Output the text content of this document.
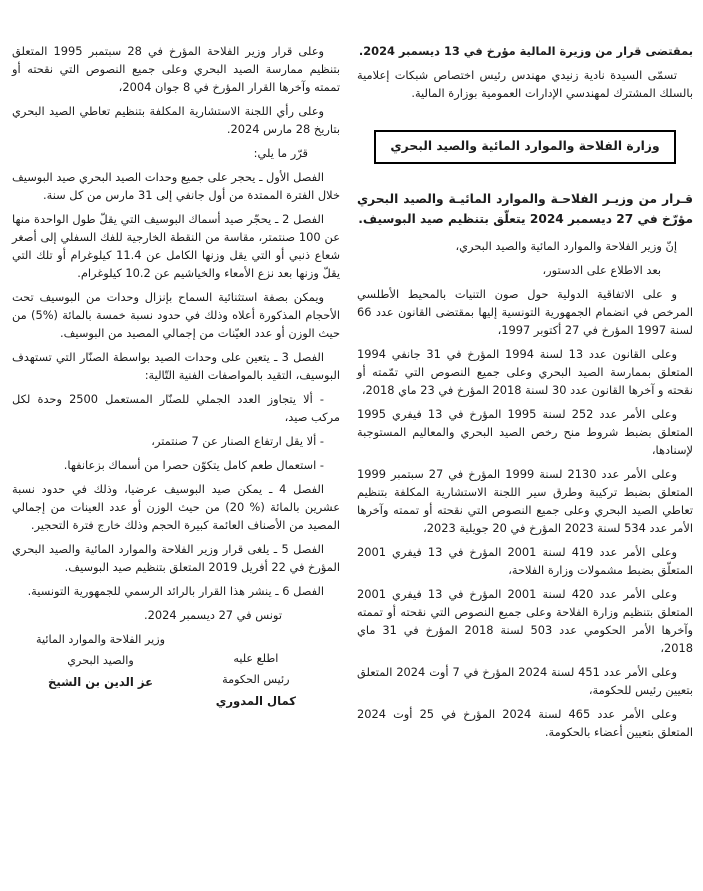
بمقتضى قرار من وزيرة المالية مؤرخ في 13 ديسمبر 2024.

تسمّى السيدة نادية زنيدي مهندس رئيس اختصاص شبكات إعلامية بالسلك المشترك لمهندسي الإدارات العمومية بوزارة المالية.

وزارة الفلاحة والموارد المائية والصيد البحري

قـرار من وزيـر الفلاحـة والموارد المائيـة والصيد البحري مؤرّخ في 27 ديسمبر 2024 يتعلّق بتنظيم صيد البوسيف.

إنّ وزير الفلاحة والموارد المائية والصيد البحري،

بعد الاطلاع على الدستور،

و على الاتفاقية الدولية حول صون التنيات بالمحيط الأطلسي المرخص في انضمام الجمهورية التونسية إليها بمقتضى القانون عدد 66 لسنة 1997 المؤرخ في 27 أكتوبر 1997،

وعلى القانون عدد 13 لسنة 1994 المؤرخ في 31 جانفي 1994 المتعلق بممارسة الصيد البحري وعلى جميع النصوص التي تمّمته أو نقحته و آخرها القانون عدد 30 لسنة 2018 المؤرخ في 23 ماي 2018،

وعلى الأمر عدد 252 لسنة 1995 المؤرخ في 13 فيفري 1995 المتعلق بضبط شروط منح رخص الصيد البحري والمعاليم المستوجبة لإسنادها،

وعلى الأمر عدد 2130 لسنة 1999 المؤرخ في 27 سبتمبر 1999 المتعلق بضبط تركيبة وطرق سير اللجنة الاستشارية المكلفة بتنظيم تعاطي الصيد البحري وعلى جميع النصوص التي نقحته أو تممته وآخرها الأمر عدد 534 لسنة 2023 المؤرخ في 20 جويلية 2023،

وعلى الأمر عدد 419 لسنة 2001 المؤرخ في 13 فيفري 2001 المتعلّق بضبط مشمولات وزارة الفلاحة،

وعلى الأمر عدد 420 لسنة 2001 المؤرخ في 13 فيفري 2001 المتعلق بتنظيم وزارة الفلاحة وعلى جميع النصوص التي نقحته أو تممته وآخرها الأمر الحكومي عدد 503 لسنة 2018 المؤرخ في 31 ماي 2018،

وعلى الأمر عدد 451 لسنة 2024 المؤرخ في 7 أوت 2024 المتعلق بتعيين رئيس للحكومة،

وعلى الأمر عدد 465 لسنة 2024 المؤرخ في 25 أوت 2024 المتعلق بتعيين أعضاء بالحكومة.

وعلى قرار وزير الفلاحة المؤرخ في 28 سبتمبر 1995 المتعلق بتنظيم ممارسة الصيد البحري وعلى جميع النصوص التي نقحته أو تممته وآخرها القرار المؤرخ في 8 جوان 2004،

وعلى رأي اللجنة الاستشارية المكلفة بتنظيم تعاطي الصيد البحري بتاريخ 28 مارس 2024.

قرّر ما يلي:

الفصل الأول ـ يحجر على جميع وحدات الصيد البحري صيد البوسيف خلال الفترة الممتدة من أول جانفي إلى 31 مارس من كل سنة.

الفصل 2 ـ يحجّر صيد أسماك البوسيف التي يقلّ طول الواحدة منها عن 100 صنتمتر، مقاسة من النقطة الخارجية للفك السفلي إلى أصغر شعاع ذنبي أو التي يقل وزنها الكامل عن 11.4 كيلوغرام أو تلك التي يقلّ وزنها بعد نزع الأمعاء والخياشيم عن 10.2 كيلوغرام.

ويمكن بصفة استثنائية السماح بإنزال وحدات من البوسيف تحت الأحجام المذكورة أعلاه وذلك في حدود نسبة خمسة بالمائة ‎(5%)‎ من حيث الوزن أو عدد العيّنات من إجمالي المصيد من البوسيف.

الفصل 3 ـ يتعين على وحدات الصيد بواسطة الصنّار التي تستهدف البوسيف، التقيد بالمواصفات الفنية التّالية:

- ألا يتجاوز العدد الجملي للصنّار المستعمل 2500 وحدة لكل مركب صيد،

- ألا يقل ارتفاع الصنار عن 7 صنتمتر،

- استعمال طعم كامل يتكوّن حصرا من أسماك بزعانفها.

الفصل 4 ـ يمكن صيد البوسيف عرضيا، وذلك في حدود نسبة عشرين بالمائة ‎(20 %)‎ من حيث الوزن أو عدد العينات من إجمالي المصيد من الأصناف العائمة كبيرة الحجم وذلك خارج فترة التحجير.

الفصل 5 ـ يلغى قرار وزير الفلاحة والموارد المائية والصيد البحري المؤرخ في 22 أفريل 2019 المتعلق بتنظيم صيد البوسيف.

الفصل 6 ـ ينشر هذا القرار بالرائد الرسمي للجمهورية التونسية.

تونس في 27 ديسمبر 2024.

اطلع عليه
رئيس الحكومة
كمال المدوري
وزير الفلاحة والموارد المائية
والصيد البحري
عز الدين بن الشيخ
